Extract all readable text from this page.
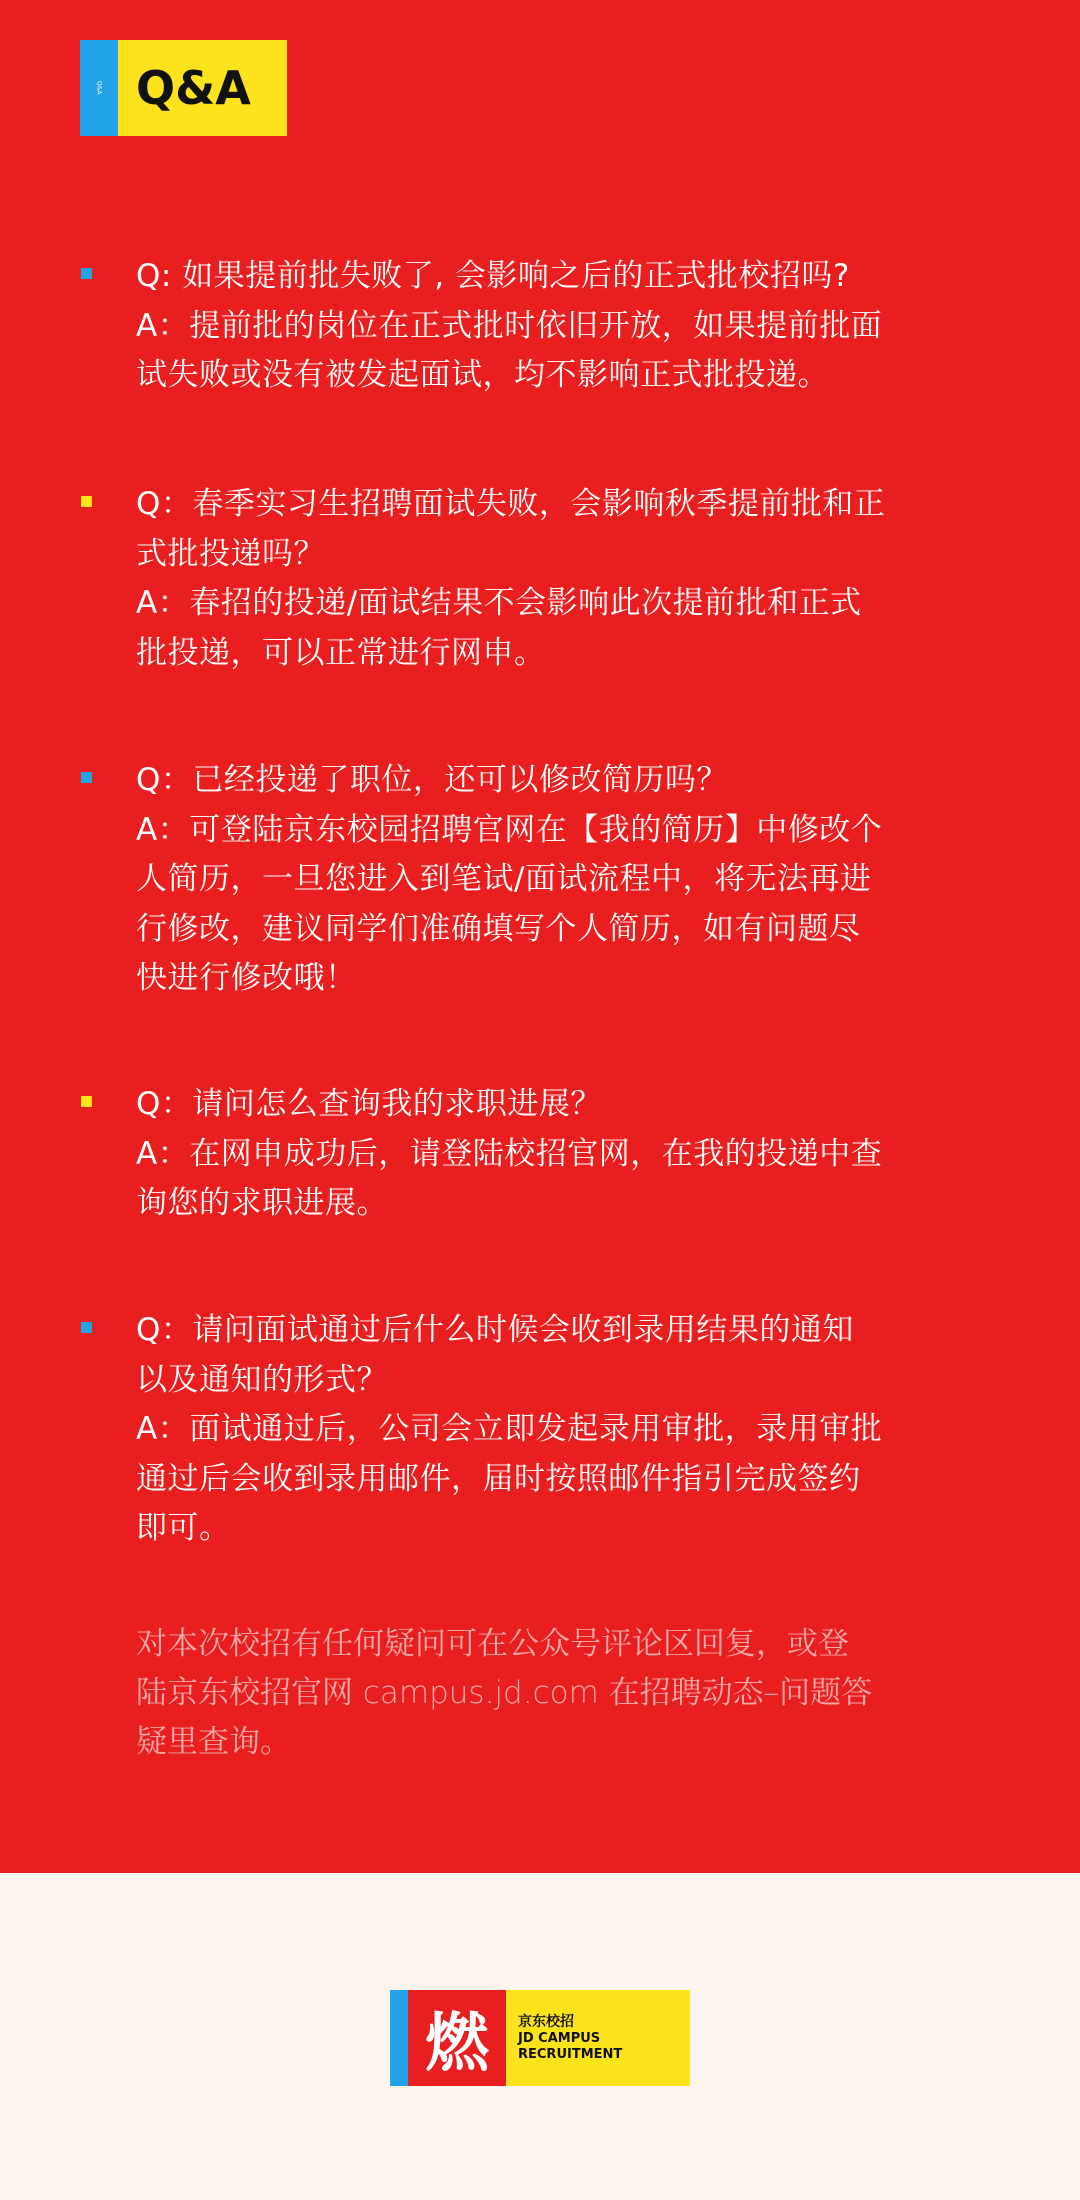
Q&A Q&A
Q: 如果提前批失败了, 会影响之后的正式批校招吗?
A：提前批的岗位在正式批时依旧开放，如果提前批面
试失败或没有被发起面试，均不影响正式批投递。
Q：春季实习生招聘面试失败，会影响秋季提前批和正
式批投递吗？
A：春招的投递/面试结果不会影响此次提前批和正式
批投递，可以正常进行网申。
Q：已经投递了职位，还可以修改简历吗？
A：可登陆京东校园招聘官网在【我的简历】中修改个
人简历，一旦您进入到笔试/面试流程中，将无法再进
行修改，建议同学们准确填写个人简历，如有问题尽
快进行修改哦！
Q：请问怎么查询我的求职进展？
A：在网申成功后，请登陆校招官网，在我的投递中查
询您的求职进展。
Q：请问面试通过后什么时候会收到录用结果的通知
以及通知的形式？
A：面试通过后，公司会立即发起录用审批，录用审批
通过后会收到录用邮件，届时按照邮件指引完成签约
即可。
对本次校招有任何疑问可在公众号评论区回复，或登
陆京东校招官网 campus.jd.com 在招聘动态–问题答
疑里查询。
燃	京东校招
JD CAMPUS
RECRUITMENT
